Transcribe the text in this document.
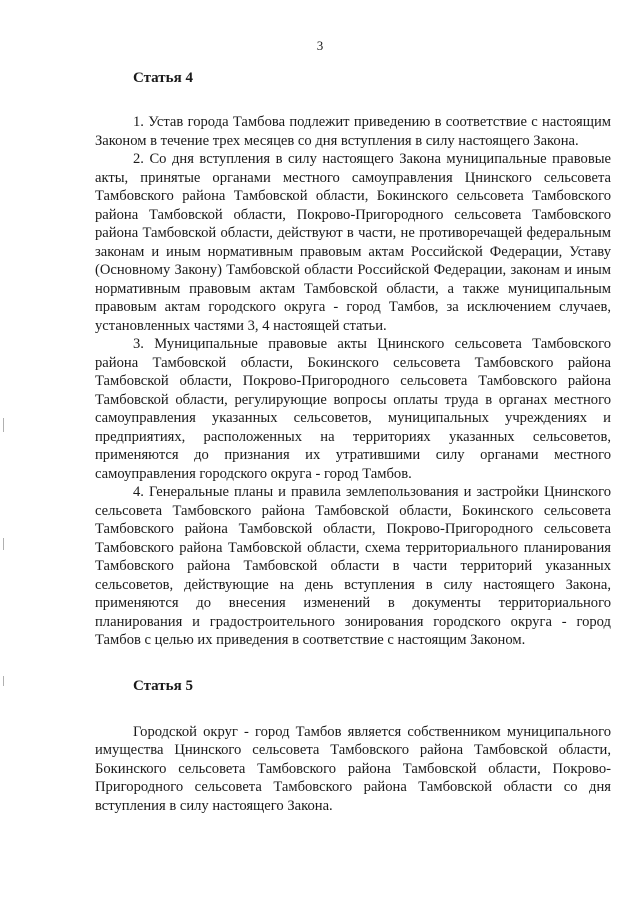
3
Статья 4

1. Устав города Тамбова подлежит приведению в соответствие с настоящим Законом в течение трех месяцев со дня вступления в силу настоящего Закона.

2. Со дня вступления в силу настоящего Закона муниципальные правовые акты, принятые органами местного самоуправления Цнинского сельсовета Тамбовского района Тамбовской области, Бокинского сельсовета Тамбовского района Тамбовской области, Покрово-Пригородного сельсовета Тамбовского района Тамбовской области, действуют в части, не противоречащей федеральным законам и иным нормативным правовым актам Российской Федерации, Уставу (Основному Закону) Тамбовской области Российской Федерации, законам и иным нормативным правовым актам Тамбовской области, а также муниципальным правовым актам городского округа - город Тамбов, за исключением случаев, установленных частями 3, 4 настоящей статьи.

3. Муниципальные правовые акты Цнинского сельсовета Тамбовского района Тамбовской области, Бокинского сельсовета Тамбовского района Тамбовской области, Покрово-Пригородного сельсовета Тамбовского района Тамбовской области, регулирующие вопросы оплаты труда в органах местного самоуправления указанных сельсоветов, муниципальных учреждениях и предприятиях, расположенных на территориях указанных сельсоветов, применяются до признания их утратившими силу органами местного самоуправления городского округа - город Тамбов.

4. Генеральные планы и правила землепользования и застройки Цнинского сельсовета Тамбовского района Тамбовской области, Бокинского сельсовета Тамбовского района Тамбовской области, Покрово-Пригородного сельсовета Тамбовского района Тамбовской области, схема территориального планирования Тамбовского района Тамбовской области в части территорий указанных сельсоветов, действующие на день вступления в силу настоящего Закона, применяются до внесения изменений в документы территориального планирования и градостроительного зонирования городского округа - город Тамбов с целью их приведения в соответствие с настоящим Законом.

Статья 5

Городской округ - город Тамбов является собственником муниципального имущества Цнинского сельсовета Тамбовского района Тамбовской области, Бокинского сельсовета Тамбовского района Тамбовской области, Покрово-Пригородного сельсовета Тамбовского района Тамбовской области со дня вступления в силу настоящего Закона.
